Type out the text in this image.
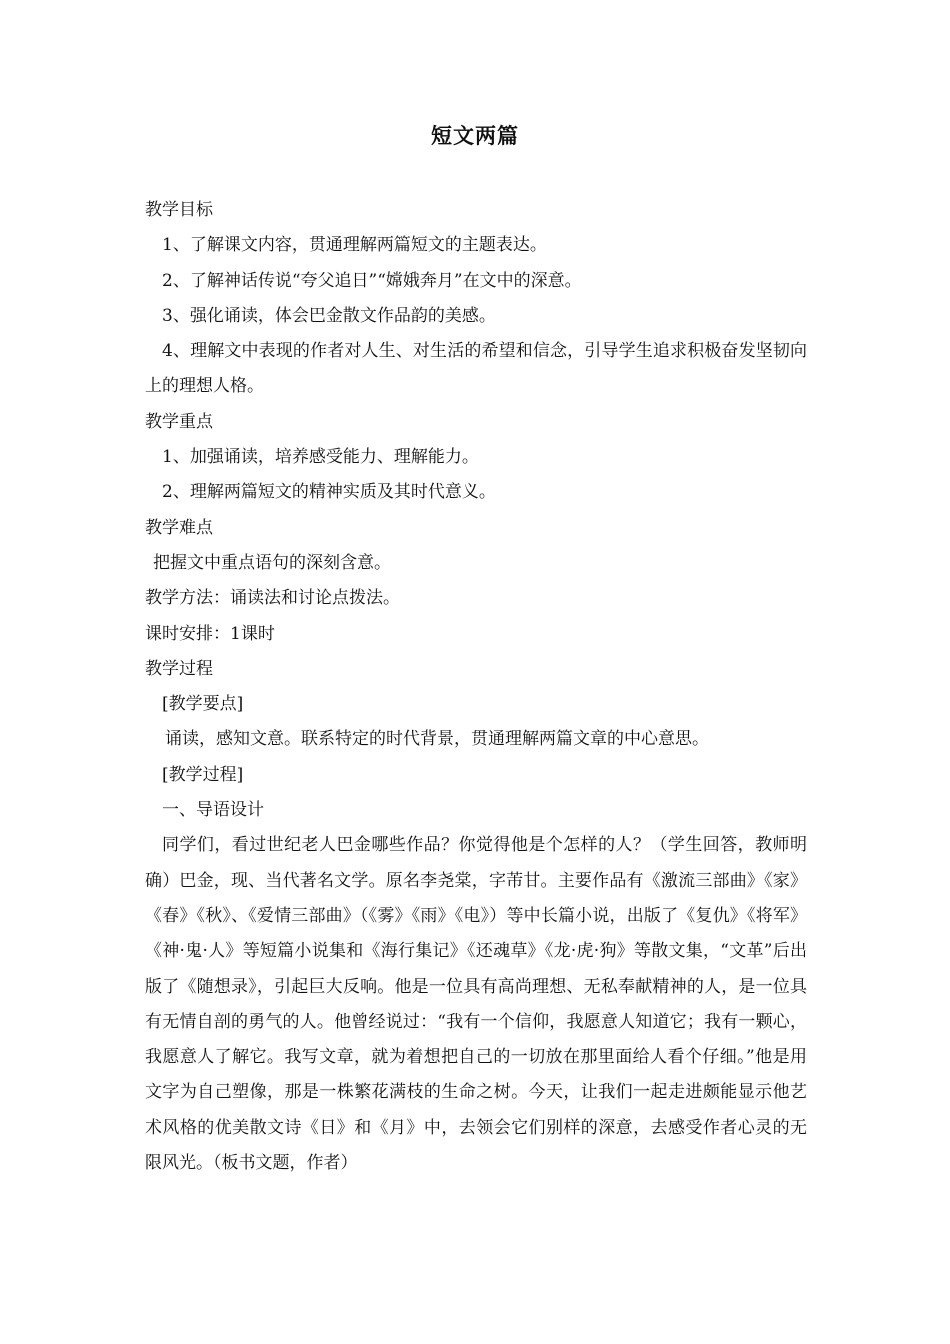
短文两篇

教学目标

1、了解课文内容，贯通理解两篇短文的主题表达。

2、了解神话传说“夸父追日”“嫦娥奔月”在文中的深意。

3、强化诵读，体会巴金散文作品韵的美感。

4、理解文中表现的作者对人生、对生活的希望和信念，引导学生追求积极奋发坚韧向上的理想人格。

教学重点

1、加强诵读，培养感受能力、理解能力。

2、理解两篇短文的精神实质及其时代意义。

教学难点

把握文中重点语句的深刻含意。

教学方法：诵读法和讨论点拨法。

课时安排：1课时

教学过程

[教学要点]

诵读，感知文意。联系特定的时代背景，贯通理解两篇文章的中心意思。

[教学过程]

一、导语设计

同学们，看过世纪老人巴金哪些作品？你觉得他是个怎样的人？（学生回答，教师明确）巴金，现、当代著名文学。原名李尧棠，字芾甘。主要作品有《激流三部曲》《家》《春》《秋》、《爱情三部曲》（《雾》《雨》《电》）等中长篇小说，出版了《复仇》《将军》《神·鬼·人》等短篇小说集和《海行集记》《还魂草》《龙·虎·狗》等散文集，“文革”后出版了《随想录》，引起巨大反响。他是一位具有高尚理想、无私奉献精神的人，是一位具有无情自剖的勇气的人。他曾经说过：“我有一个信仰，我愿意人知道它；我有一颗心，我愿意人了解它。我写文章，就为着想把自己的一切放在那里面给人看个仔细。”他是用文字为自己塑像，那是一株繁花满枝的生命之树。今天，让我们一起走进颇能显示他艺术风格的优美散文诗《日》和《月》中，去领会它们别样的深意，去感受作者心灵的无限风光。（板书文题，作者）
